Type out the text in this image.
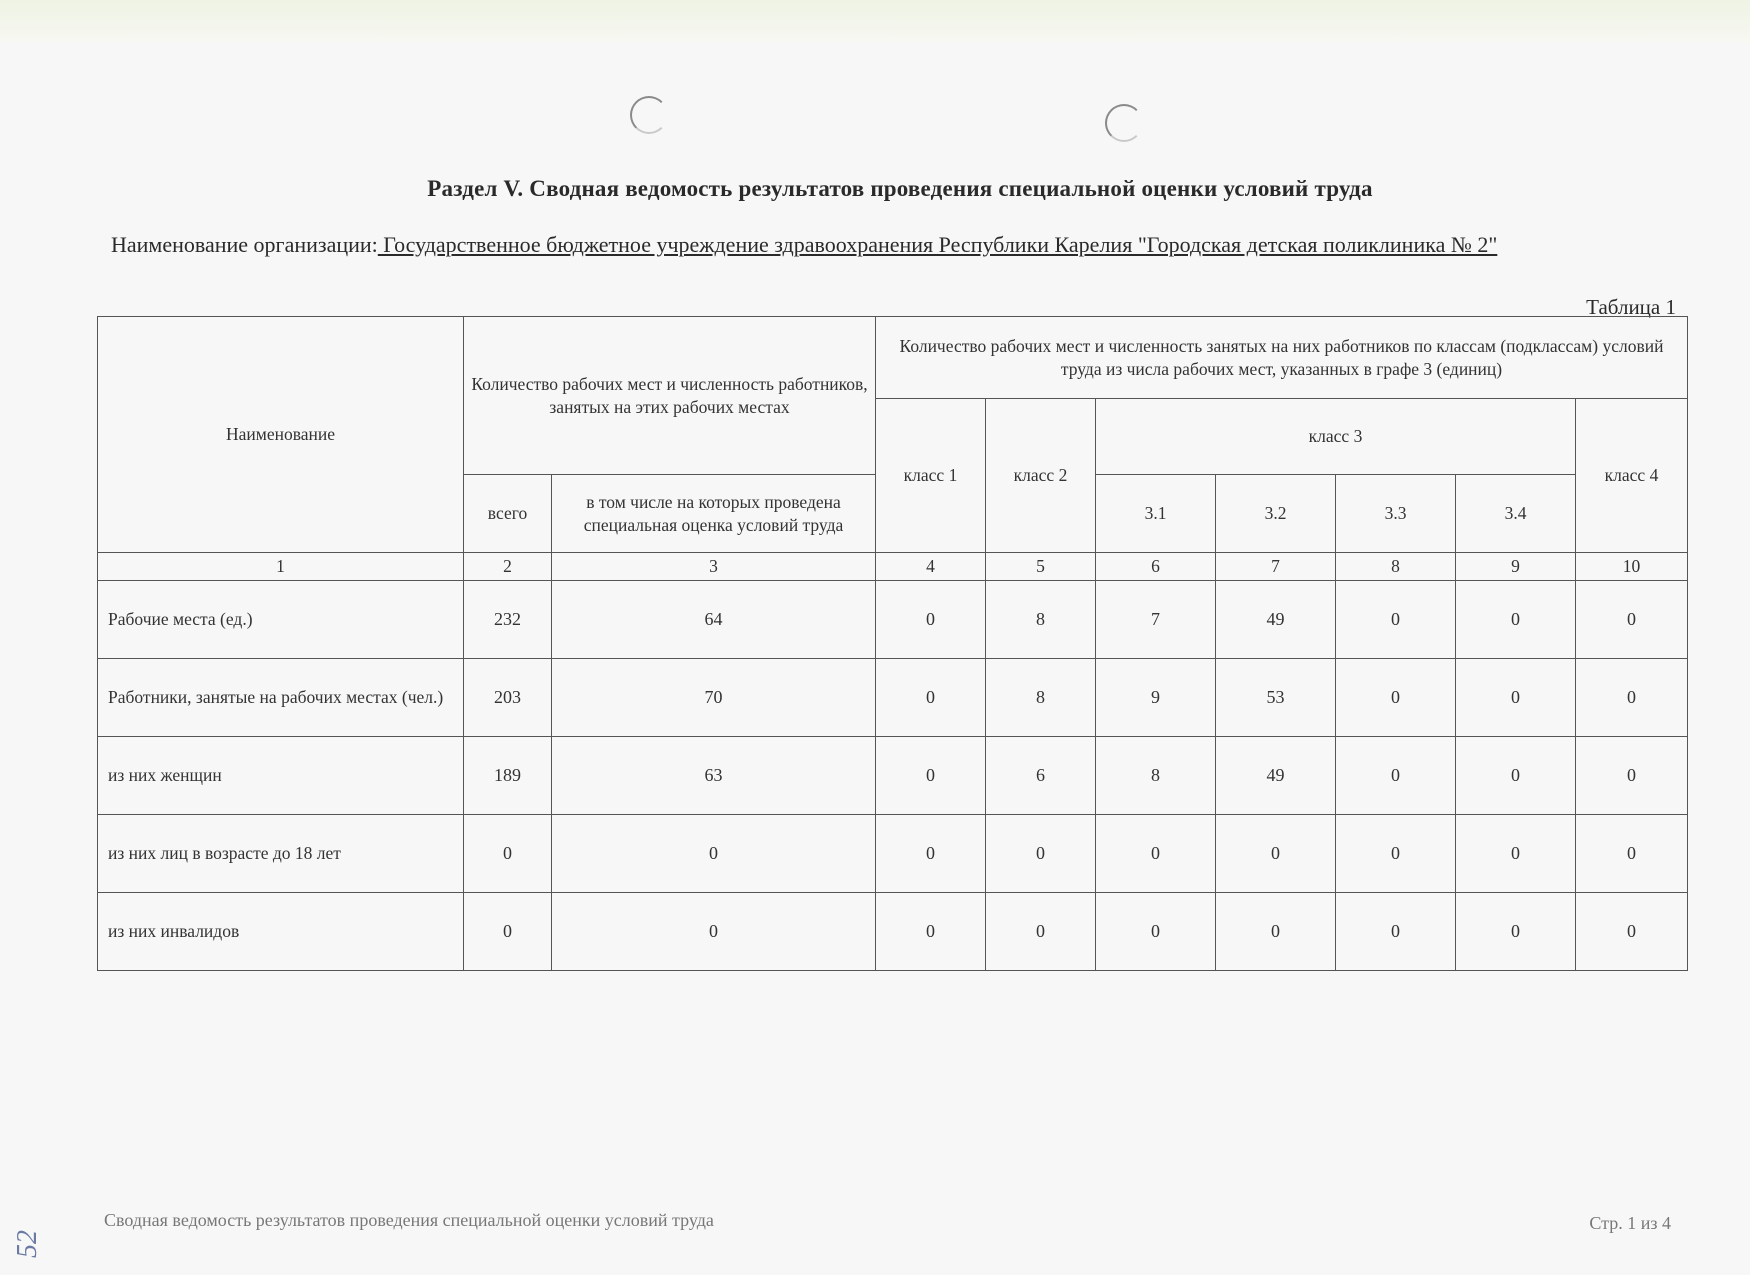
Раздел V. Сводная ведомость результатов проведения специальной оценки условий труда
Наименование организации: Государственное бюджетное учреждение здравоохранения Республики Карелия "Городская детская поликлиника № 2"
Таблица 1
Наименование	Количество рабочих мест и численность работников, занятых на этих рабочих местах		Количество рабочих мест и численность занятых на них работников по классам (подклассам) условий труда из числа рабочих мест, указанных в графе 3 (единиц)						
			класс 1	класс 2	класс 3				класс 4
	всего	в том числе на которых проведена специальная оценка условий труда			3.1	3.2	3.3	3.4	
1	2	3	4	5	6	7	8	9	10
Рабочие места (ед.)	232	64	0	8	7	49	0	0	0
Работники, занятые на рабочих местах (чел.)	203	70	0	8	9	53	0	0	0
из них женщин	189	63	0	6	8	49	0	0	0
из них лиц в возрасте до 18 лет	0	0	0	0	0	0	0	0	0
из них инвалидов	0	0	0	0	0	0	0	0	0
Сводная ведомость результатов проведения специальной оценки условий труда	Стр. 1 из 4
52
